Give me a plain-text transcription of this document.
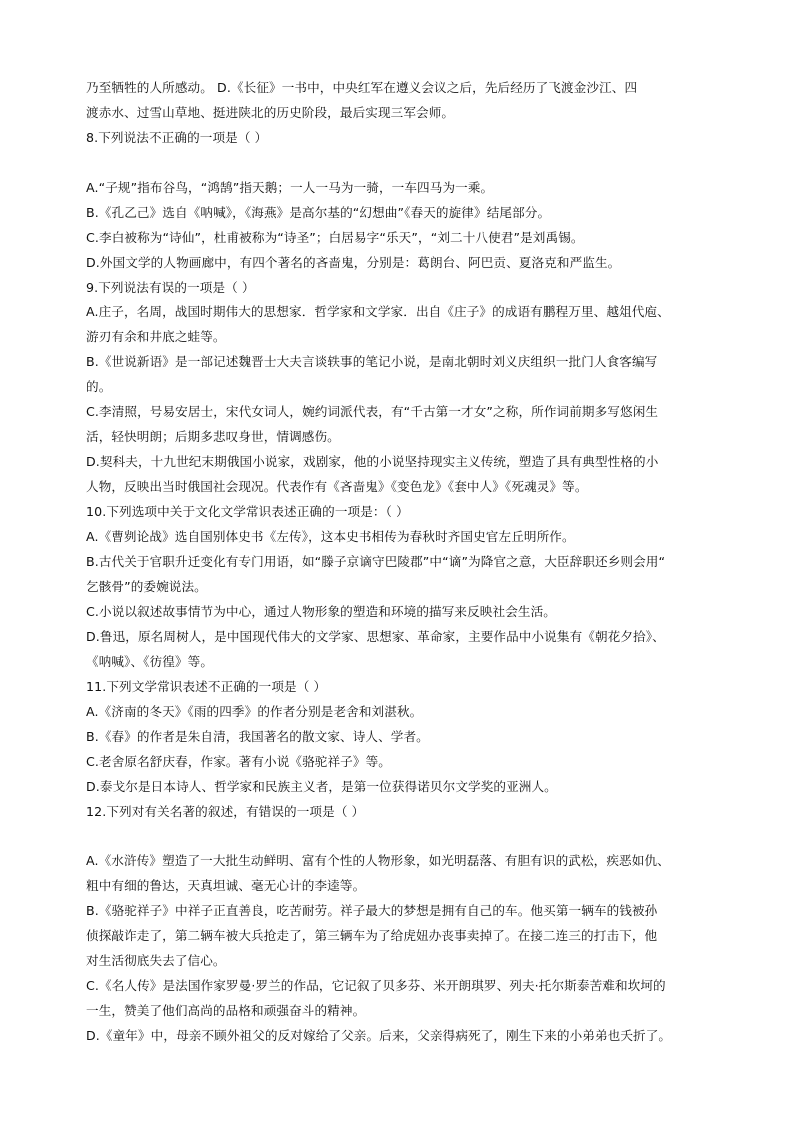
乃至牺牲的人所感动。 D.《长征》一书中，中央红军在遵义会议之后，先后经历了飞渡金沙江、四
渡赤水、过雪山草地、挺进陕北的历史阶段，最后实现三军会师。
8.下列说法不正确的一项是（ ）
A.“子规”指布谷鸟，“鸿鹄”指天鹅；一人一马为一骑，一车四马为一乘。
B.《孔乙己》选自《呐喊》，《海燕》是高尔基的“幻想曲”《春天的旋律》结尾部分。
C.李白被称为“诗仙”，杜甫被称为“诗圣”；白居易字“乐天”，“刘二十八使君”是刘禹锡。
D.外国文学的人物画廊中，有四个著名的吝啬鬼，分别是：葛朗台、阿巴贡、夏洛克和严监生。
9.下列说法有误的一项是（ ）
A.庄子，名周，战国时期伟大的思想家．哲学家和文学家．出自《庄子》的成语有鹏程万里、越俎代庖、
游刃有余和井底之蛙等。
B.《世说新语》是一部记述魏晋士大夫言谈轶事的笔记小说，是南北朝时刘义庆组织一批门人食客编写
的。
C.李清照，号易安居士，宋代女词人，婉约词派代表，有“千古第一才女”之称，所作词前期多写悠闲生
活，轻快明朗；后期多悲叹身世，情调感伤。
D.契科夫，十九世纪末期俄国小说家，戏剧家，他的小说坚持现实主义传统，塑造了具有典型性格的小
人物，反映出当时俄国社会现况。代表作有《吝啬鬼》《变色龙》《套中人》《死魂灵》等。
10.下列选项中关于文化文学常识表述正确的一项是：（ ）
A.《曹刿论战》选自国别体史书《左传》，这本史书相传为春秋时齐国史官左丘明所作。
B.古代关于官职升迁变化有专门用语，如“滕子京谪守巴陵郡”中“谪”为降官之意，大臣辞职还乡则会用“
乞骸骨”的委婉说法。
C.小说以叙述故事情节为中心，通过人物形象的塑造和环境的描写来反映社会生活。
D.鲁迅，原名周树人，是中国现代伟大的文学家、思想家、革命家，主要作品中小说集有《朝花夕拾》、
《呐喊》、《彷徨》等。
11.下列文学常识表述不正确的一项是（ ）
A.《济南的冬天》《雨的四季》的作者分别是老舍和刘湛秋。
B.《春》的作者是朱自清，我国著名的散文家、诗人、学者。
C.老舍原名舒庆春，作家。著有小说《骆驼祥子》等。
D.泰戈尔是日本诗人、哲学家和民族主义者，是第一位获得诺贝尔文学奖的亚洲人。
12.下列对有关名著的叙述，有错误的一项是（ ）
A.《水浒传》塑造了一大批生动鲜明、富有个性的人物形象，如光明磊落、有胆有识的武松，疾恶如仇、
粗中有细的鲁达，天真坦诚、毫无心计的李逵等。
B.《骆驼祥子》中祥子正直善良，吃苦耐劳。祥子最大的梦想是拥有自己的车。他买第一辆车的钱被孙
侦探敲诈走了，第二辆车被大兵抢走了，第三辆车为了给虎妞办丧事卖掉了。在接二连三的打击下，他
对生活彻底失去了信心。
C.《名人传》是法国作家罗曼·罗兰的作品，它记叙了贝多芬、米开朗琪罗、列夫·托尔斯泰苦难和坎坷的
一生，赞美了他们高尚的品格和顽强奋斗的精神。
D.《童年》中，母亲不顾外祖父的反对嫁给了父亲。后来，父亲得病死了，刚生下来的小弟弟也夭折了。
